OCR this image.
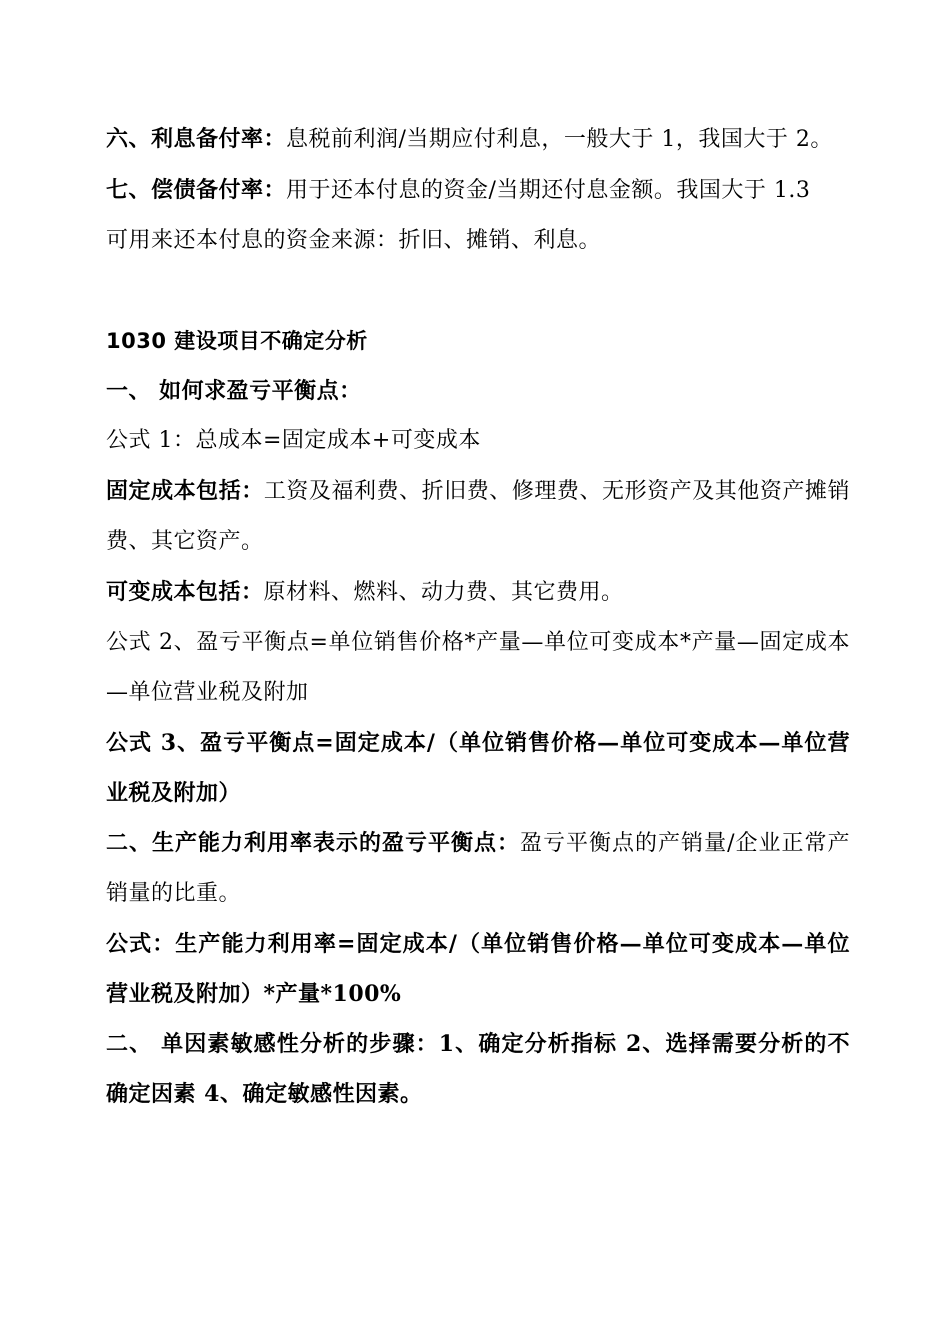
六、利息备付率：息税前利润/当期应付利息，一般大于 1，我国大于 2。

七、偿债备付率：用于还本付息的资金/当期还付息金额。我国大于 1.3

可用来还本付息的资金来源：折旧、摊销、利息。

1030 建设项目不确定分析

一、 如何求盈亏平衡点：

公式 1：总成本=固定成本+可变成本

固定成本包括：工资及福利费、折旧费、修理费、无形资产及其他资产摊销费、其它资产。

可变成本包括：原材料、燃料、动力费、其它费用。

公式 2、盈亏平衡点=单位销售价格*产量—单位可变成本*产量—固定成本—单位营业税及附加

公式 3、盈亏平衡点=固定成本/（单位销售价格—单位可变成本—单位营业税及附加）

二、生产能力利用率表示的盈亏平衡点：盈亏平衡点的产销量/企业正常产销量的比重。

公式：生产能力利用率=固定成本/（单位销售价格—单位可变成本—单位营业税及附加）*产量*100%

二、 单因素敏感性分析的步骤：1、确定分析指标 2、选择需要分析的不确定因素 4、确定敏感性因素。
